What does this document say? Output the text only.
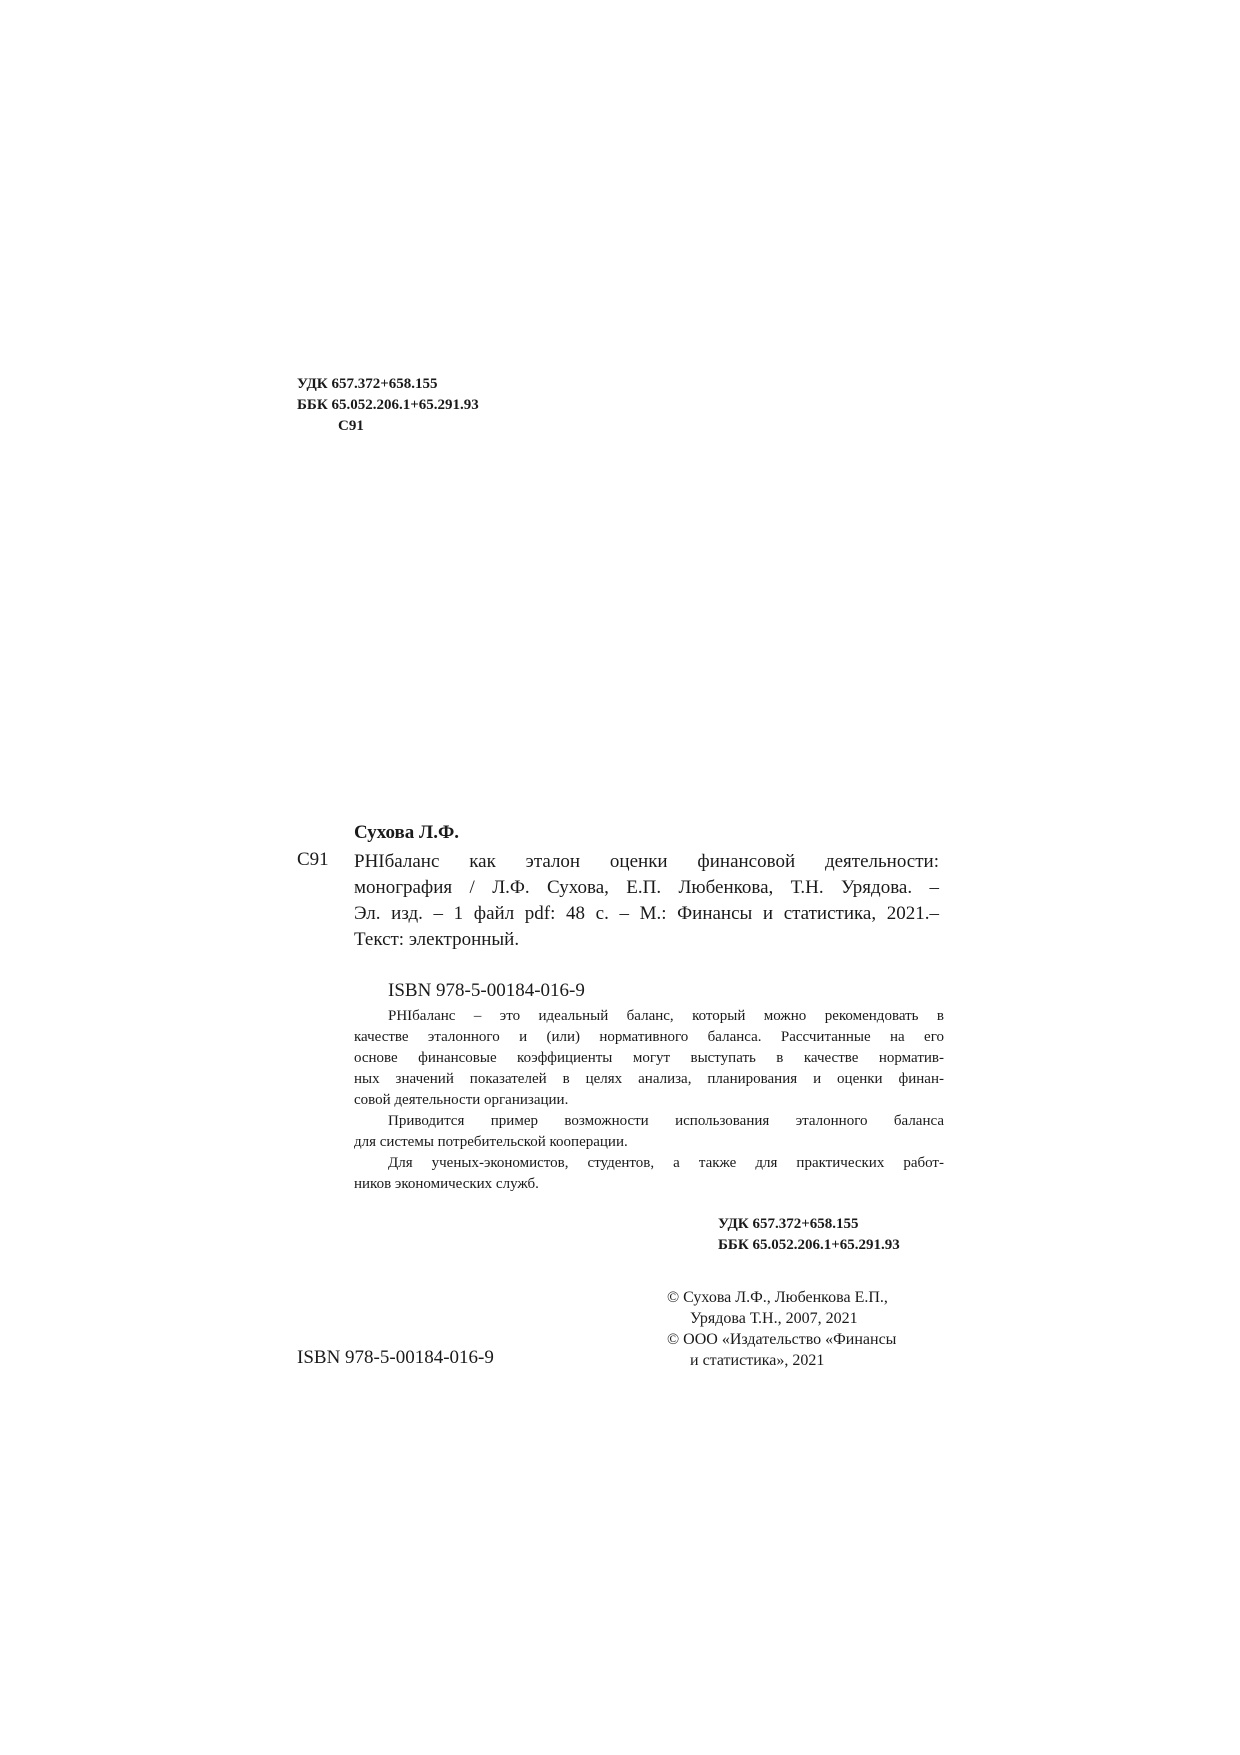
УДК 657.372+658.155
ББК 65.052.206.1+65.291.93
С91
Сухова Л.Ф.
С91 РНIбаланс как эталон оценки финансовой деятельности:
монография / Л.Ф. Сухова, Е.П. Любенкова, Т.Н. Урядова. –
Эл. изд. – 1 файл pdf: 48 с. – М.: Финансы и статистика, 2021.–
Текст: электронный.
ISBN 978-5-00184-016-9
РНIбаланс – это идеальный баланс, который можно рекомендовать в
качестве эталонного и (или) нормативного баланса. Рассчитанные на его
основе финансовые коэффициенты могут выступать в качестве норматив-
ных значений показателей в целях анализа, планирования и оценки финан-
совой деятельности организации.
Приводится пример возможности использования эталонного баланса
для системы потребительской кооперации.
Для ученых-экономистов, студентов, а также для практических работ-
ников экономических служб.
УДК 657.372+658.155
ББК 65.052.206.1+65.291.93
© Сухова Л.Ф., Любенкова Е.П.,
Урядова Т.Н., 2007, 2021
© ООО «Издательство «Финансы
и статистика», 2021
ISBN 978-5-00184-016-9
